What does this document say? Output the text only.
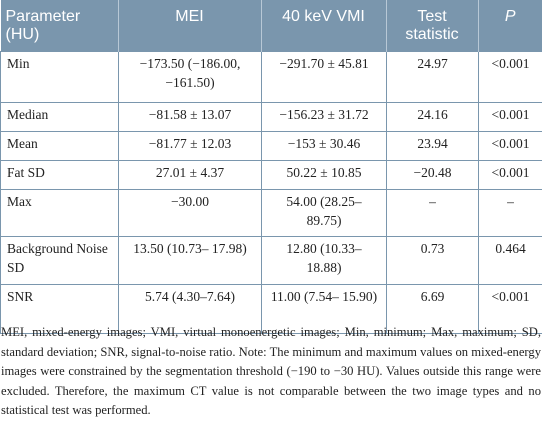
Parameter (HU)	MEI	40 keV VMI	Test statistic	P
Min	−173.50 (−186.00, −161.50)	−291.70 ± 45.81	24.97	<0.001
Median	−81.58 ± 13.07	−156.23 ± 31.72	24.16	<0.001
Mean	−81.77 ± 12.03	−153 ± 30.46	23.94	<0.001
Fat SD	27.01 ± 4.37	50.22 ± 10.85	−20.48	<0.001
Max	−30.00	54.00 (28.25– 89.75)	–	–
Background Noise SD	13.50 (10.73– 17.98)	12.80 (10.33– 18.88)	0.73	0.464
SNR	5.74 (4.30–7.64)	11.00 (7.54– 15.90)	6.69	<0.001
MEI, mixed-energy images; VMI, virtual monoenergetic images; Min, minimum; Max, maximum; SD, standard deviation; SNR, signal-to-noise ratio. Note: The minimum and maximum values on mixed-energy images were constrained by the segmentation threshold (−190 to −30 HU). Values outside this range were excluded. Therefore, the maximum CT value is not comparable between the two image types and no statistical test was performed.
